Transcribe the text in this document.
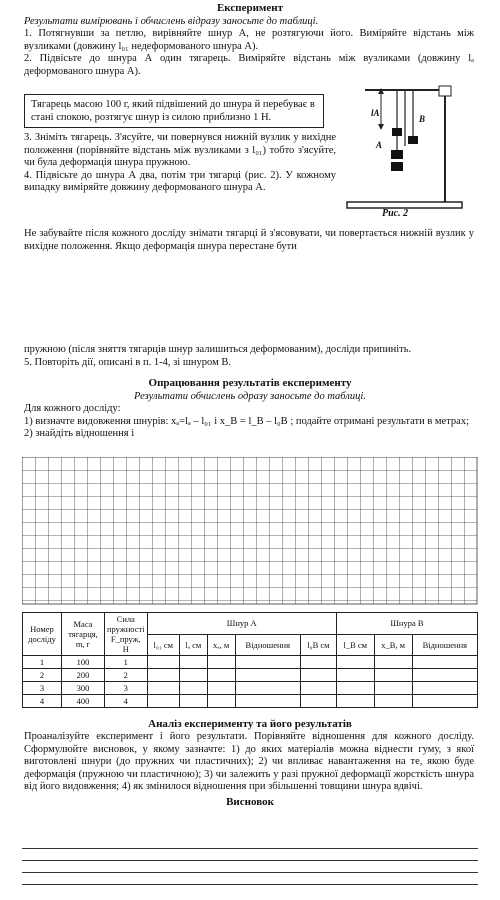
Експеримент

Результати вимірювань і обчислень відразу заносьте до таблиці.

1. Потягнувши за петлю, вирівняйте шнур А, не розтягуючи його. Виміряйте відстань між вузликами (довжину l₀₁ недеформованого шнура А).

2. Підвісьте до шнура А один тягарець. Виміряйте відстань між вузликами (довжину lₐ деформованого шнура А).

Тягарець масою 100 г, який підвішений до шнура й перебуває в стані спокою, розтягує шнур із силою приблизно 1 Н.

3. Зніміть тягарець. З'ясуйте, чи повернувся нижній вузлик у вихідне положення (порівняйте відстань між вузликами з l₀₁) тобто з'ясуйте, чи була деформація шнура пружною.

4. Підвісьте до шнура А два, потім три тягарці (рис. 2). У кожному випадку виміряйте довжину деформованого шнура А.

Не забувайте після кожного досліду знімати тягарці й з'ясовувати, чи повертається нижній вузлик у вихідне положення. Якщо деформація шнура перестане бути

lA
A
B
Рис. 2

пружною (після зняття тягарців шнур залишиться деформованим), досліди припиніть.

5. Повторіть дії, описані в п. 1-4, зі шнуром В.

Опрацювання результатів експерименту

Результати обчислень одразу заносьте до таблиці.

Для кожного досліду:

1) визначте видовження шнурів: xₐ=lₐ – l₀₁ і x_B = l_B – l₀B ; подайте отримані результати в метрах;

2) знайдіть відношення і

Номер досліду	Маса тягарця, m, г	Сила пружності F_пруж, Н	Шнур А					Шнура В		
			l₀₁ см	lₐ см	xₐ, м	Відношення	l₀B см	l_B см	x_B, м	Відношення
1	100	1								
2	200	2								
3	300	3								
4	400	4								

Аналіз експерименту та його результатів

Проаналізуйте експеримент і його результати. Порівняйте відношення для кожного досліду. Сформулюйте висновок, у якому зазначте: 1) до яких матеріалів можна віднести гуму, з якої виготовлені шнури (до пружних чи пластичних); 2) чи впливає навантаження на те, якою буде деформація (пружною чи пластичною); 3) чи залежить у разі пружної деформації жорсткість шнура від його видовження; 4) як змінилося відношення при збільшенні товщини шнура вдвічі.

Висновок
